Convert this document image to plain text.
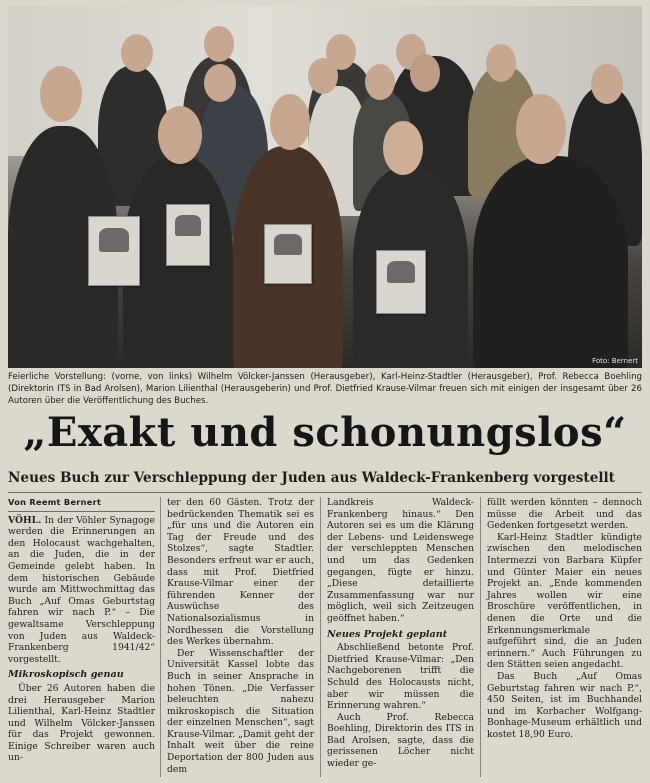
Foto: Bernert
Feierliche Vorstellung: (vorne, von links) Wilhelm Völcker-Janssen (Herausgeber), Karl-Heinz-Stadtler (Herausgeber), Prof. Rebecca Boehling (Direktorin ITS in Bad Arolsen), Marion Lilienthal (Herausgeberin) und Prof. Dietfried Krause-Vilmar freuen sich mit einigen der insgesamt über 26 Autoren über die Veröffentlichung des Buches.
„Exakt und schonungslos“
Neues Buch zur Verschleppung der Juden aus Waldeck-Frankenberg vorgestellt
Von Reemt Bernert

VÖHL. In der Vöhler Synagoge werden die Erinnerungen an den Holocaust wachgehalten, an die Juden, die in der Gemeinde gelebt haben. In dem historischen Gebäude wurde am Mittwochmittag das Buch „Auf Omas Geburtstag fahren wir nach P.“ – Die gewaltsame Verschleppung von Juden aus Waldeck-Frankenberg 1941/42“ vorgestellt.

Mikroskopisch genau

Über 26 Autoren haben die drei Herausgeber Marion Lilienthal, Karl-Heinz Stadtler und Wilhelm Völcker-Janssen für das Projekt gewonnen. Einige Schreiber waren auch un-

ter den 60 Gästen. Trotz der bedrückenden Thematik sei es „für uns und die Autoren ein Tag der Freude und des Stolzes“, sagte Stadtler. Besonders erfreut war er auch, dass mit Prof. Dietfried Krause-Vilmar einer der führenden Kenner der Auswüchse des Nationalsozialismus in Nordhessen die Vorstellung des Werkes übernahm.

Der Wissenschaftler der Universität Kassel lobte das Buch in seiner Ansprache in hohen Tönen. „Die Verfasser beleuchten nahezu mikroskopisch die Situation der einzelnen Menschen“, sagt Krause-Vilmar. „Damit geht der Inhalt weit über die reine Deportation der 800 Juden aus dem

Landkreis Waldeck-Frankenberg hinaus.“ Den Autoren sei es um die Klärung der Lebens- und Leidenswege der verschleppten Menschen und um das Gedenken gegangen, fügte er hinzu. „Diese detaillierte Zusammenfassung war nur möglich, weil sich Zeitzeugen geöffnet haben.“

Neues Projekt geplant

Abschließend betonte Prof. Dietfried Krause-Vilmar: „Den Nachgeborenen trifft die Schuld des Holocausts nicht, aber wir müssen die Erinnerung wahren.“

Auch Prof. Rebecca Boehling, Direktorin des ITS in Bad Arolsen, sagte, dass die gerissenen Löcher nicht wieder ge-

füllt werden könnten – dennoch müsse die Arbeit und das Gedenken fortgesetzt werden.

Karl-Heinz Stadtler kündigte zwischen den melodischen Intermezzi von Barbara Küpfer und Günter Maier ein neues Projekt an. „Ende kommenden Jahres wollen wir eine Broschüre veröffentlichen, in denen die Orte und die Erkennungsmerkmale aufgeführt sind, die an Juden erinnern.“ Auch Führungen zu den Stätten seien angedacht.

Das Buch „Auf Omas Geburtstag fahren wir nach P.“, 450 Seiten, ist im Buchhandel und im Korbacher Wolfgang-Bonhage-Museum erhältlich und kostet 18,90 Euro.
